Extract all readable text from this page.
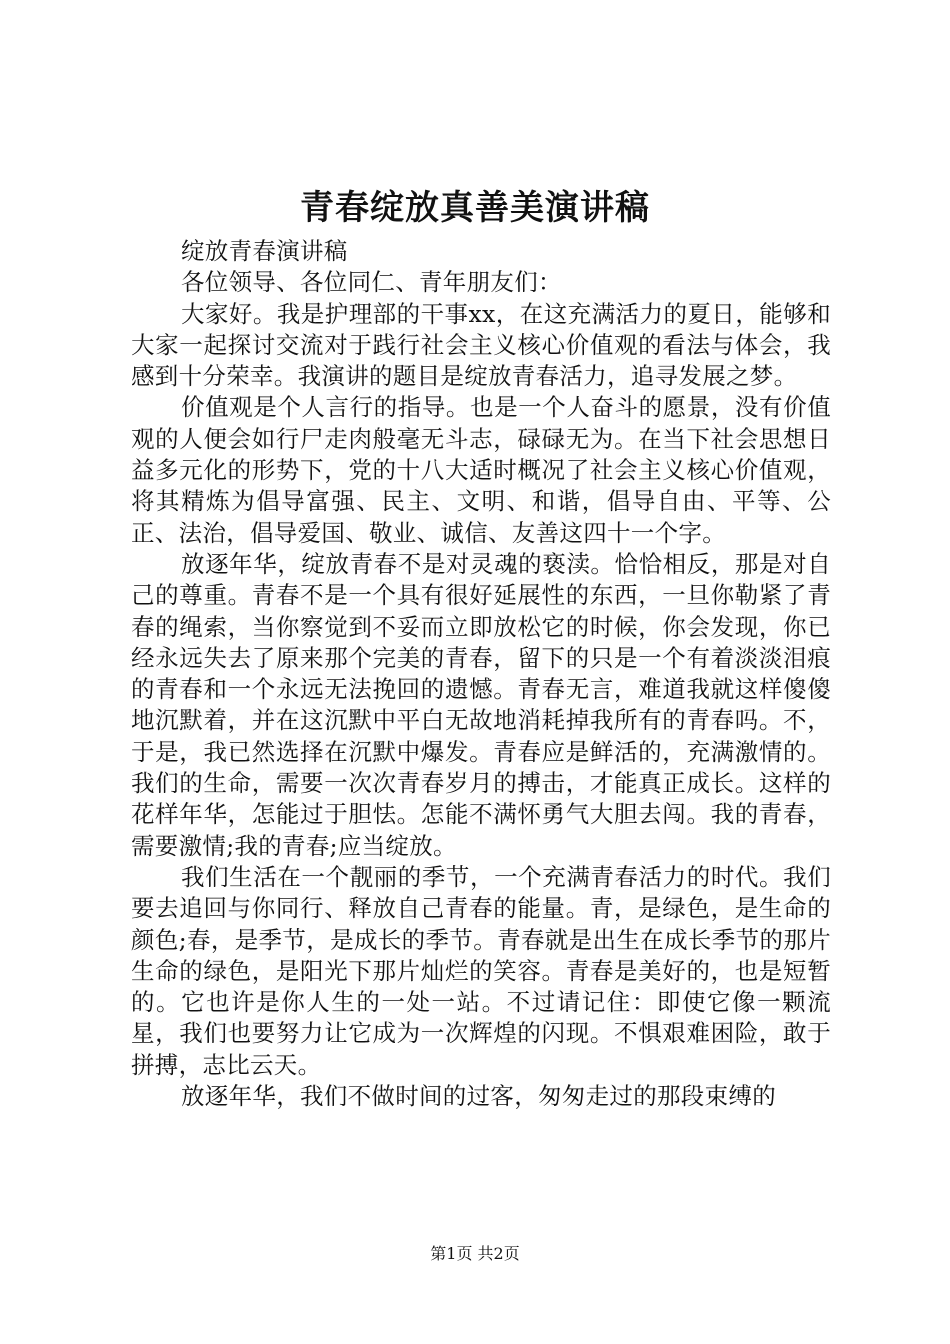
青春绽放真善美演讲稿

绽放青春演讲稿

各位领导、各位同仁、青年朋友们：

大家好。我是护理部的干事xx，在这充满活力的夏日，能够和大家一起探讨交流对于践行社会主义核心价值观的看法与体会，我感到十分荣幸。我演讲的题目是绽放青春活力，追寻发展之梦。

价值观是个人言行的指导。也是一个人奋斗的愿景，没有价值观的人便会如行尸走肉般毫无斗志，碌碌无为。在当下社会思想日益多元化的形势下，党的十八大适时概况了社会主义核心价值观，将其精炼为倡导富强、民主、文明、和谐，倡导自由、平等、公正、法治，倡导爱国、敬业、诚信、友善这四十一个字。

放逐年华，绽放青春不是对灵魂的亵渎。恰恰相反，那是对自己的尊重。青春不是一个具有很好延展性的东西，一旦你勒紧了青春的绳索，当你察觉到不妥而立即放松它的时候，你会发现，你已经永远失去了原来那个完美的青春，留下的只是一个有着淡淡泪痕的青春和一个永远无法挽回的遗憾。青春无言，难道我就这样傻傻地沉默着，并在这沉默中平白无故地消耗掉我所有的青春吗。不，于是，我已然选择在沉默中爆发。青春应是鲜活的，充满激情的。我们的生命，需要一次次青春岁月的搏击，才能真正成长。这样的花样年华，怎能过于胆怯。怎能不满怀勇气大胆去闯。我的青春，需要激情;我的青春;应当绽放。

我们生活在一个靓丽的季节，一个充满青春活力的时代。我们要去追回与你同行、释放自己青春的能量。青，是绿色，是生命的颜色;春，是季节，是成长的季节。青春就是出生在成长季节的那片生命的绿色，是阳光下那片灿烂的笑容。青春是美好的，也是短暂的。它也许是你人生的一处一站。不过请记住：即使它像一颗流星，我们也要努力让它成为一次辉煌的闪现。不惧艰难困险，敢于拼搏，志比云天。

放逐年华，我们不做时间的过客，匆匆走过的那段束缚的

第1页 共2页
